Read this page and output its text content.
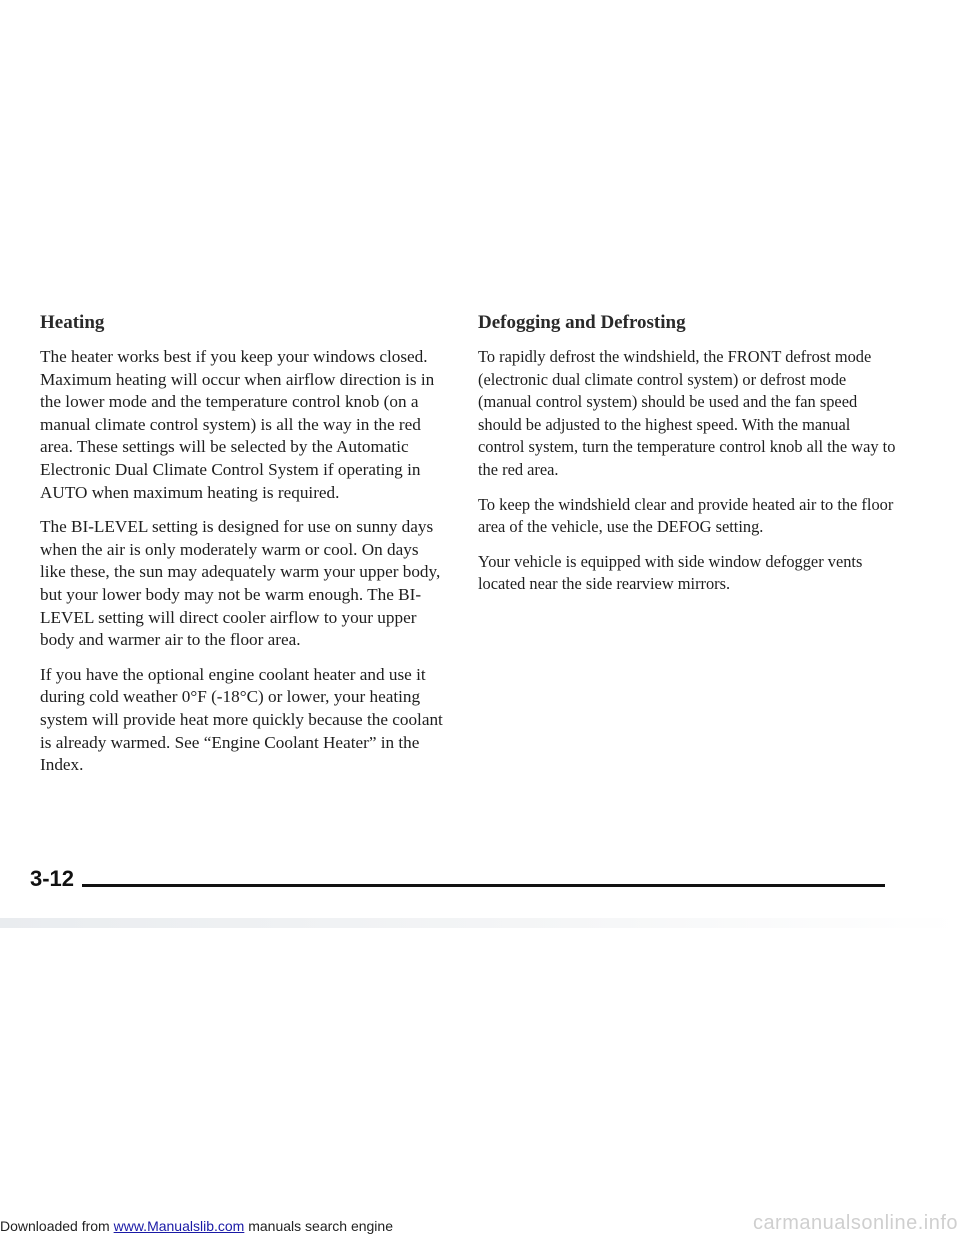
Heating

The heater works best if you keep your windows closed. Maximum heating will occur when airflow direction is in the lower mode and the temperature control knob (on a manual climate control system) is all the way in the red area. These settings will be selected by the Automatic Electronic Dual Climate Control System if operating in AUTO when maximum heating is required.

The BI-LEVEL setting is designed for use on sunny days when the air is only moderately warm or cool. On days like these, the sun may adequately warm your upper body, but your lower body may not be warm enough. The BI-LEVEL setting will direct cooler airflow to your upper body and warmer air to the floor area.

If you have the optional engine coolant heater and use it during cold weather 0°F (-18°C) or lower, your heating system will provide heat more quickly because the coolant is already warmed. See “Engine Coolant Heater” in the Index.

Defogging and Defrosting

To rapidly defrost the windshield, the FRONT defrost mode (electronic dual climate control system) or defrost mode (manual control system) should be used and the fan speed should be adjusted to the highest speed. With the manual control system, turn the temperature control knob all the way to the red area.

To keep the windshield clear and provide heated air to the floor area of the vehicle, use the DEFOG setting.

Your vehicle is equipped with side window defogger vents located near the side rearview mirrors.

3-12
Downloaded from www.Manualslib.com manuals search engine	carmanualsonline.info
